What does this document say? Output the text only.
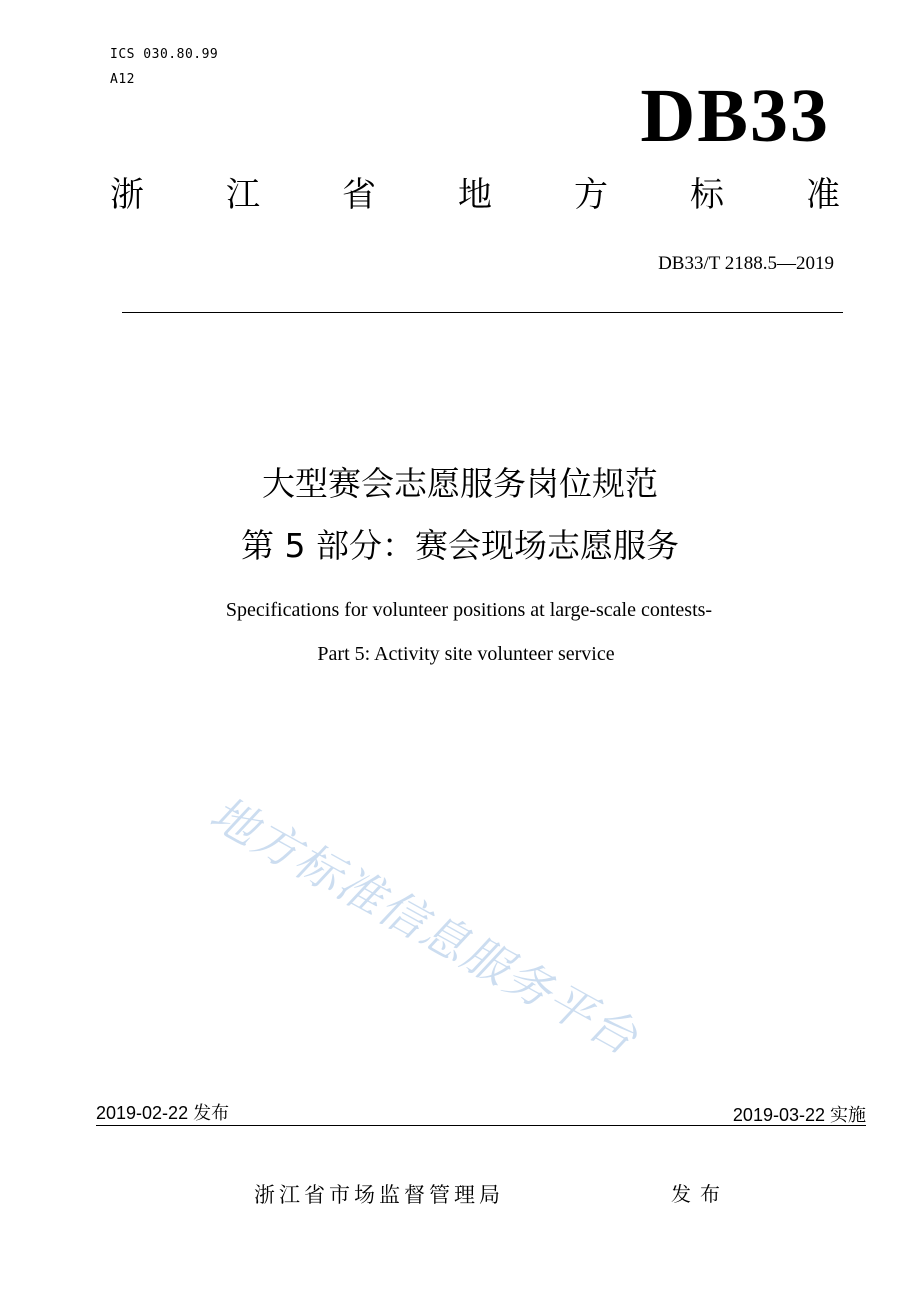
ICS 030.80.99
A12	DB33
浙 江 省 地 方 标 准
DB33/T 2188.5—2019
大型赛会志愿服务岗位规范
第 5 部分：赛会现场志愿服务
Specifications for volunteer positions at large-scale contests-
Part 5: Activity site volunteer service
地方标准信息服务平台
2019-02-22 发布	2019-03-22 实施
浙江省市场监督管理局	发布
